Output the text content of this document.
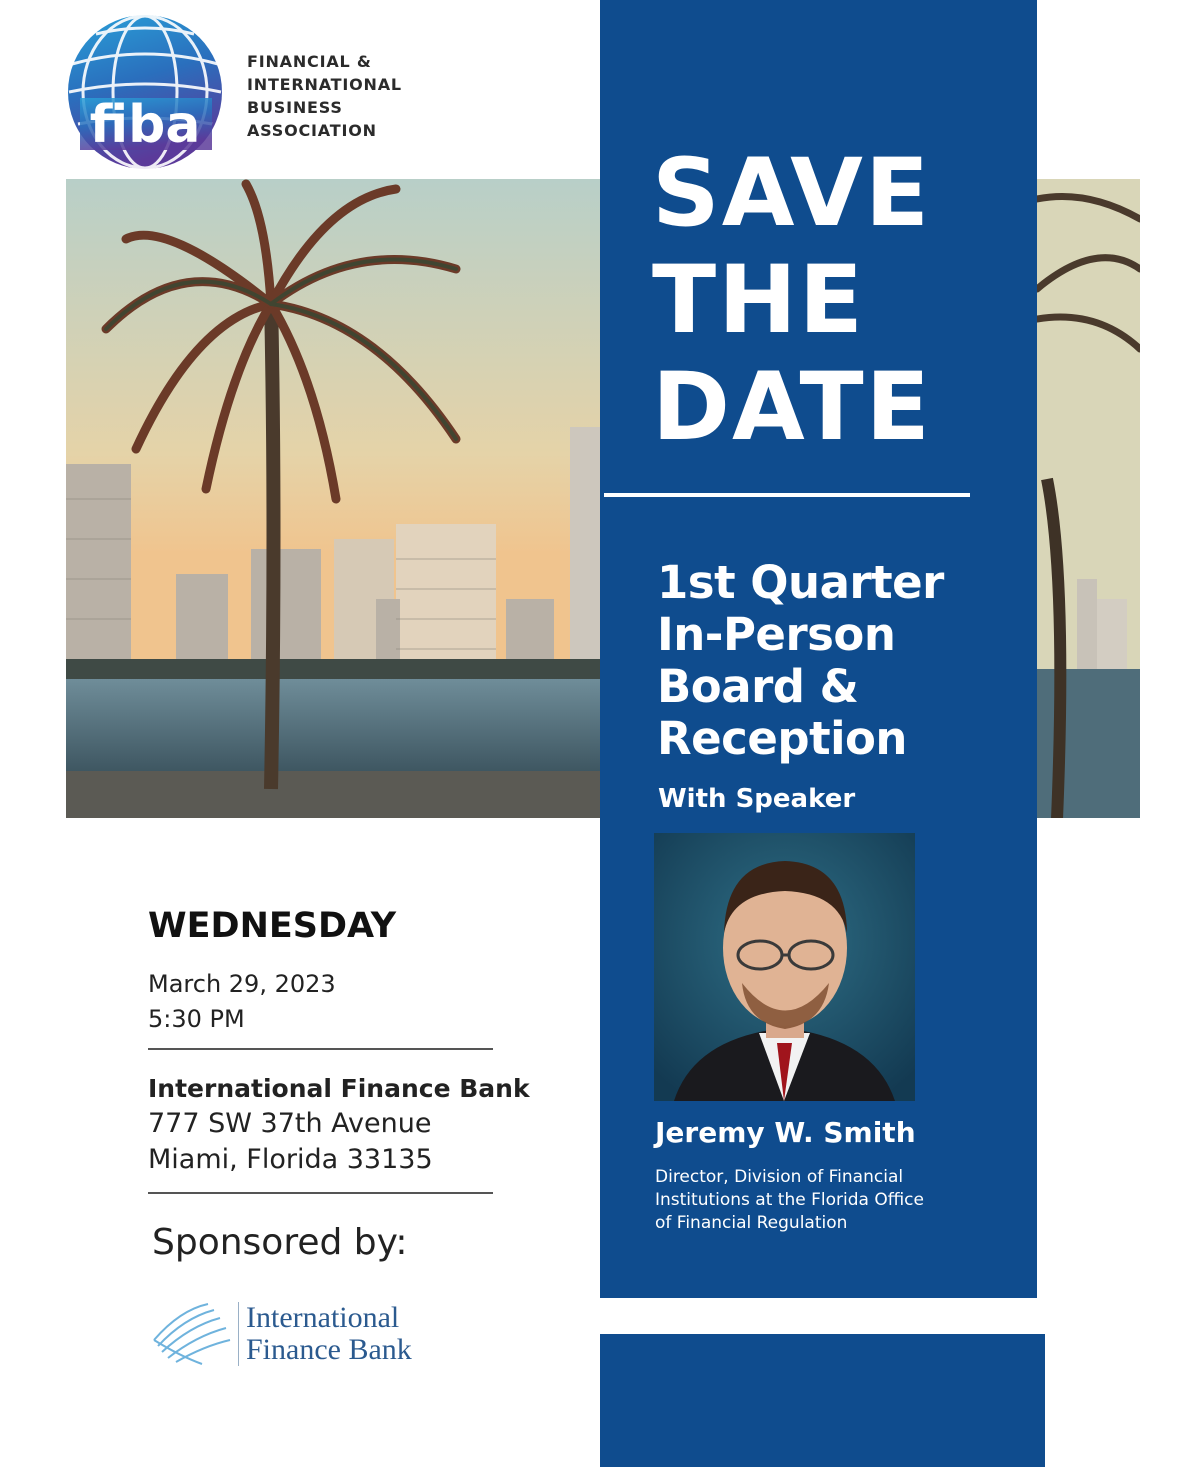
fiba
FINANCIAL &
INTERNATIONAL
BUSINESS
ASSOCIATION
SAVE
THE
DATE
1st Quarter
In-Person
Board &
Reception
With Speaker
Jeremy W. Smith
Director, Division of Financial
Institutions at the Florida Office
of Financial Regulation
WEDNESDAY
March 29, 2023
5:30 PM
International Finance Bank
777 SW 37th Avenue
Miami, Florida 33135
Sponsored by:
International
Finance Bank
